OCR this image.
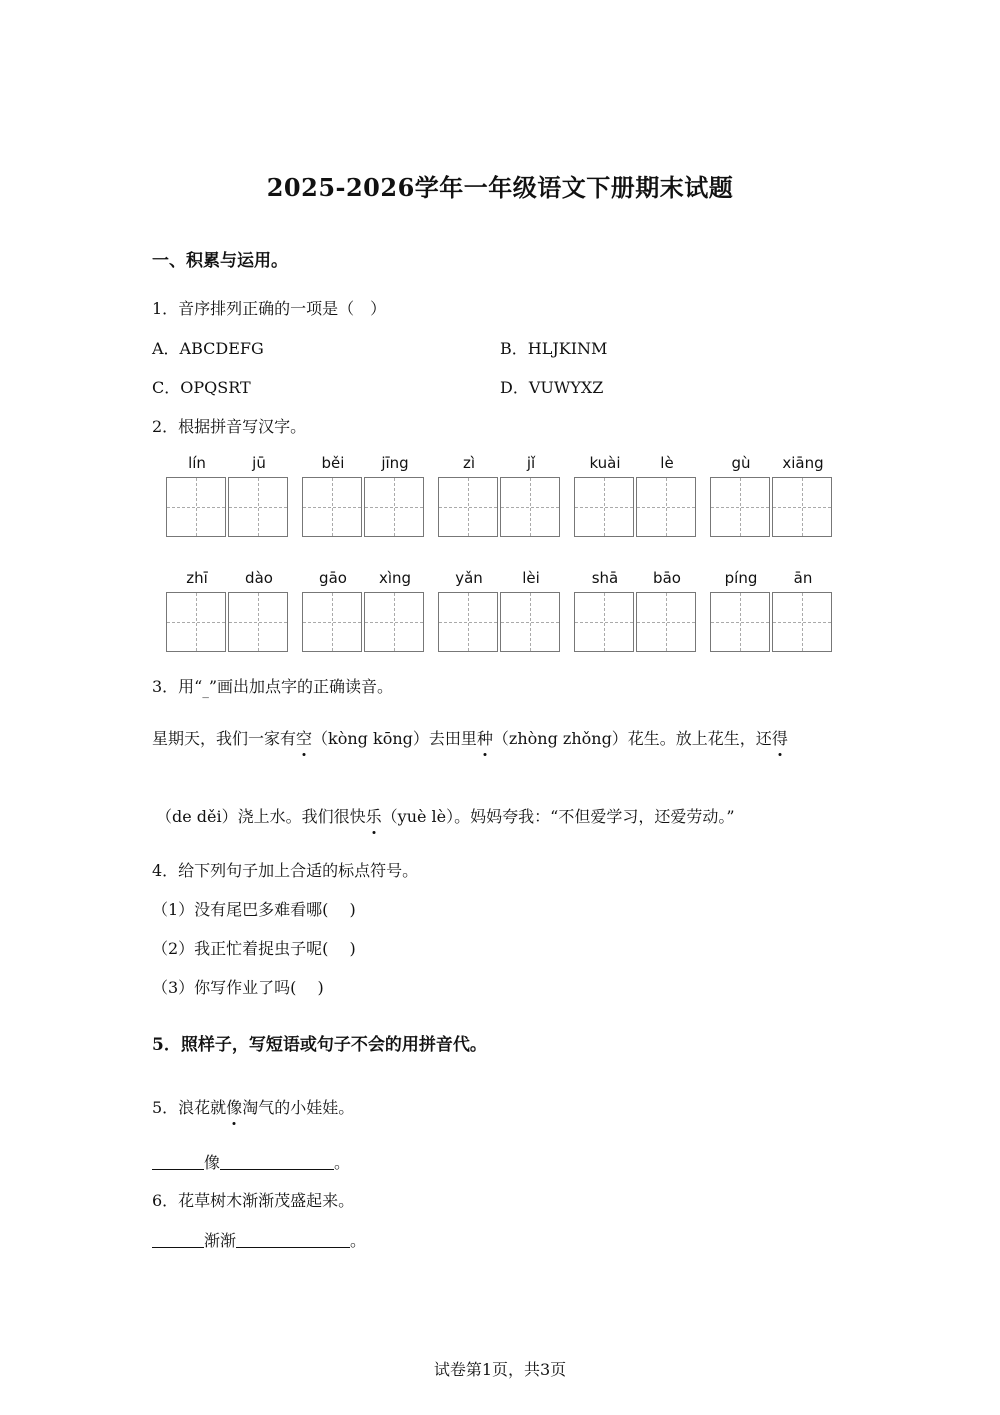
2025-2026学年一年级语文下册期末试题
一、积累与运用。
1．音序排列正确的一项是（　）
A．ABCDEFG	B．HLJKINM
C．OPQSRT	D．VUWYXZ
2．根据拼音写汉字。
lín	jū	běi	jīng	zì	jǐ	kuài	lè	gù	xiāng
zhī	dào	gāo	xìng	yǎn	lèi	shā	bāo	píng	ān
3．用“_”画出加点字的正确读音。
星期天，我们一家有空（kòng kōng）去田里种（zhòng zhǒng）花生。放上花生，还得
（de děi）浇上水。我们很快乐（yuè lè）。妈妈夸我：“不但爱学习，还爱劳动。”
4．给下列句子加上合适的标点符号。
（1）没有尾巴多难看哪(　 )
（2）我正忙着捉虫子呢(　 )
（3）你写作业了吗(　 )
5．照样子，写短语或句子不会的用拼音代。
5．浪花就像淘气的小娃娃。
像	。
6．花草树木渐渐茂盛起来。
渐渐	。
试卷第1页，共3页
